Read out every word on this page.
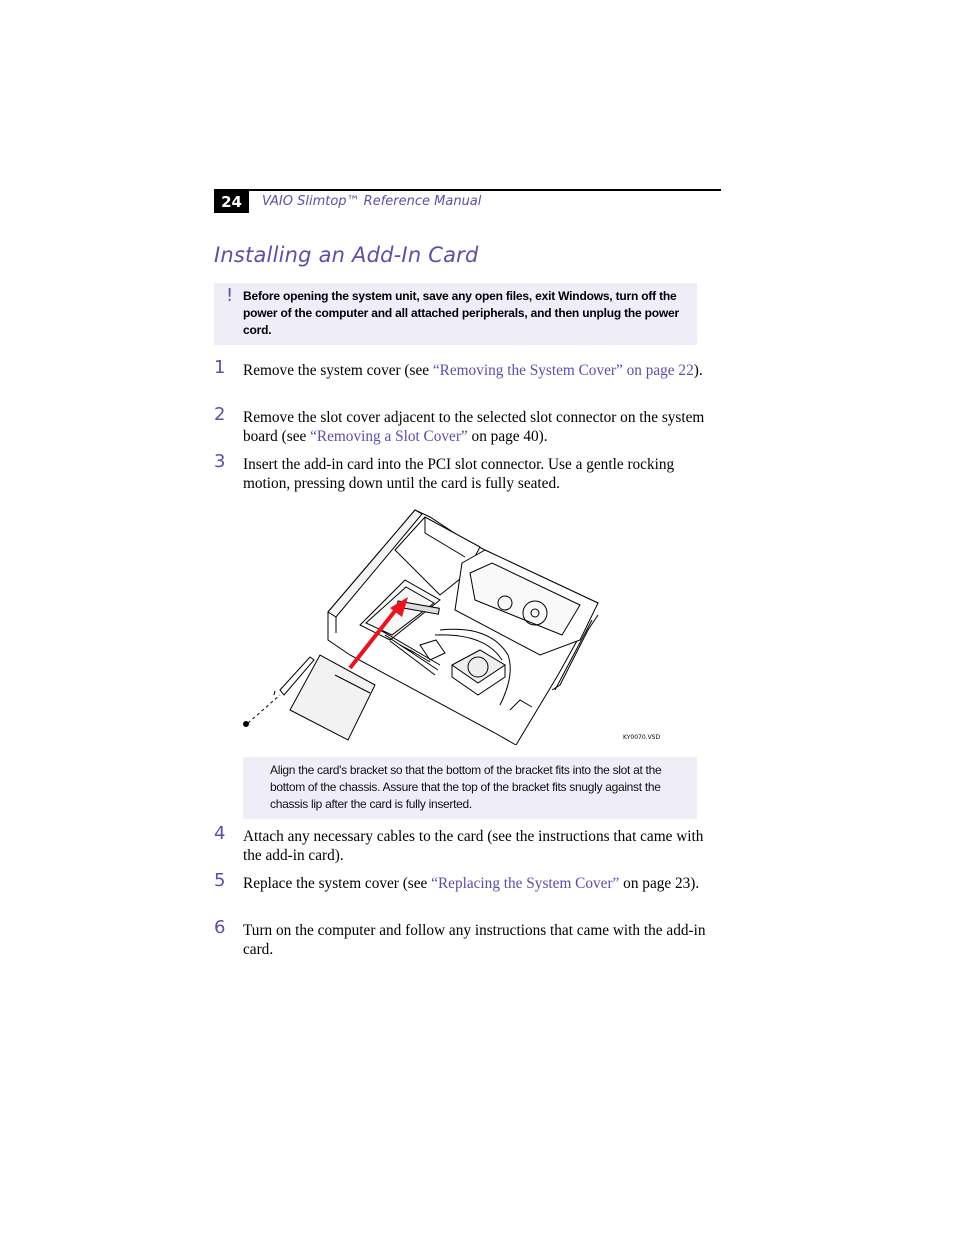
24	VAIO Slimtop™ Reference Manual
Installing an Add-In Card
! Before opening the system unit, save any open files, exit Windows, turn off the power of the computer and all attached peripherals, and then unplug the power cord.
1 Remove the system cover (see “Removing the System Cover” on page 22).
2 Remove the slot cover adjacent to the selected slot connector on the system board (see “Removing a Slot Cover” on page 40).
3 Insert the add-in card into the PCI slot connector. Use a gentle rocking motion, pressing down until the card is fully seated.
KY0070.VSD
Align the card's bracket so that the bottom of the bracket fits into the slot at the bottom of the chassis. Assure that the top of the bracket fits snugly against the chassis lip after the card is fully inserted.
4 Attach any necessary cables to the card (see the instructions that came with the add-in card).
5 Replace the system cover (see “Replacing the System Cover” on page 23).
6 Turn on the computer and follow any instructions that came with the add-in card.
